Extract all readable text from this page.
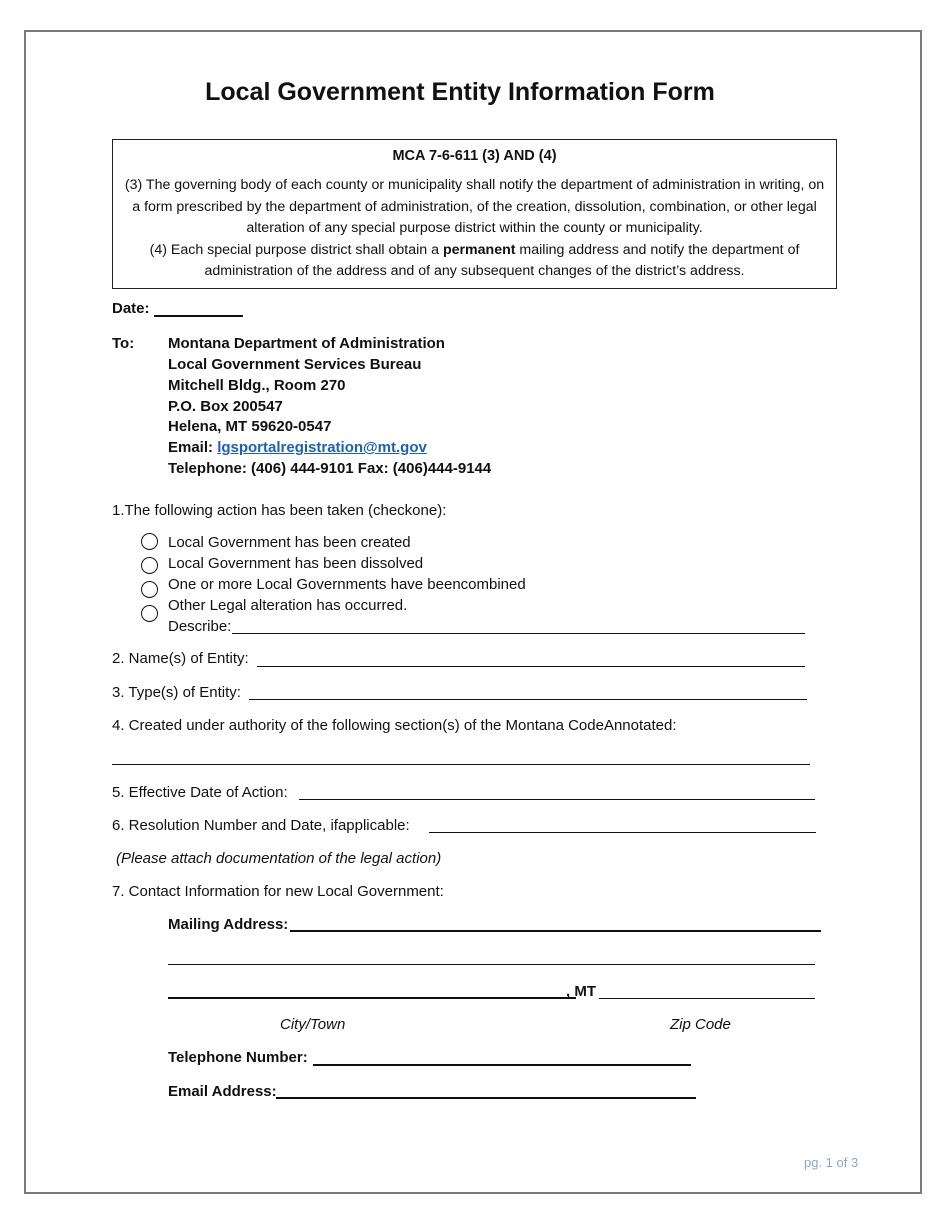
Local Government Entity Information Form
MCA 7-6-611 (3) AND (4)
(3) The governing body of each county or municipality shall notify the department of administration in writing, on a form prescribed by the department of administration, of the creation, dissolution, combination, or other legal alteration of any special purpose district within the county or municipality.
(4) Each special purpose district shall obtain a permanent mailing address and notify the department of administration of the address and of any subsequent changes of the district’s address.
Date:
To: Montana Department of Administration
Local Government Services Bureau
Mitchell Bldg., Room 270
P.O. Box 200547
Helena, MT 59620-0547
Email: lgsportalregistration@mt.gov
Telephone: (406) 444-9101 Fax: (406)444-9144
1.The following action has been taken (checkone):
Local Government has been created
Local Government has been dissolved
One or more Local Governments have beencombined
Other Legal alteration has occurred.
Describe:
2. Name(s) of Entity:
3. Type(s) of Entity:
4. Created under authority of the following section(s) of the Montana CodeAnnotated:
5. Effective Date of Action:
6. Resolution Number and Date, ifapplicable:
(Please attach documentation of the legal action)
7. Contact Information for new Local Government:
Mailing Address:
, MT
City/Town	Zip Code
Telephone Number:
Email Address:
pg. 1 of 3
